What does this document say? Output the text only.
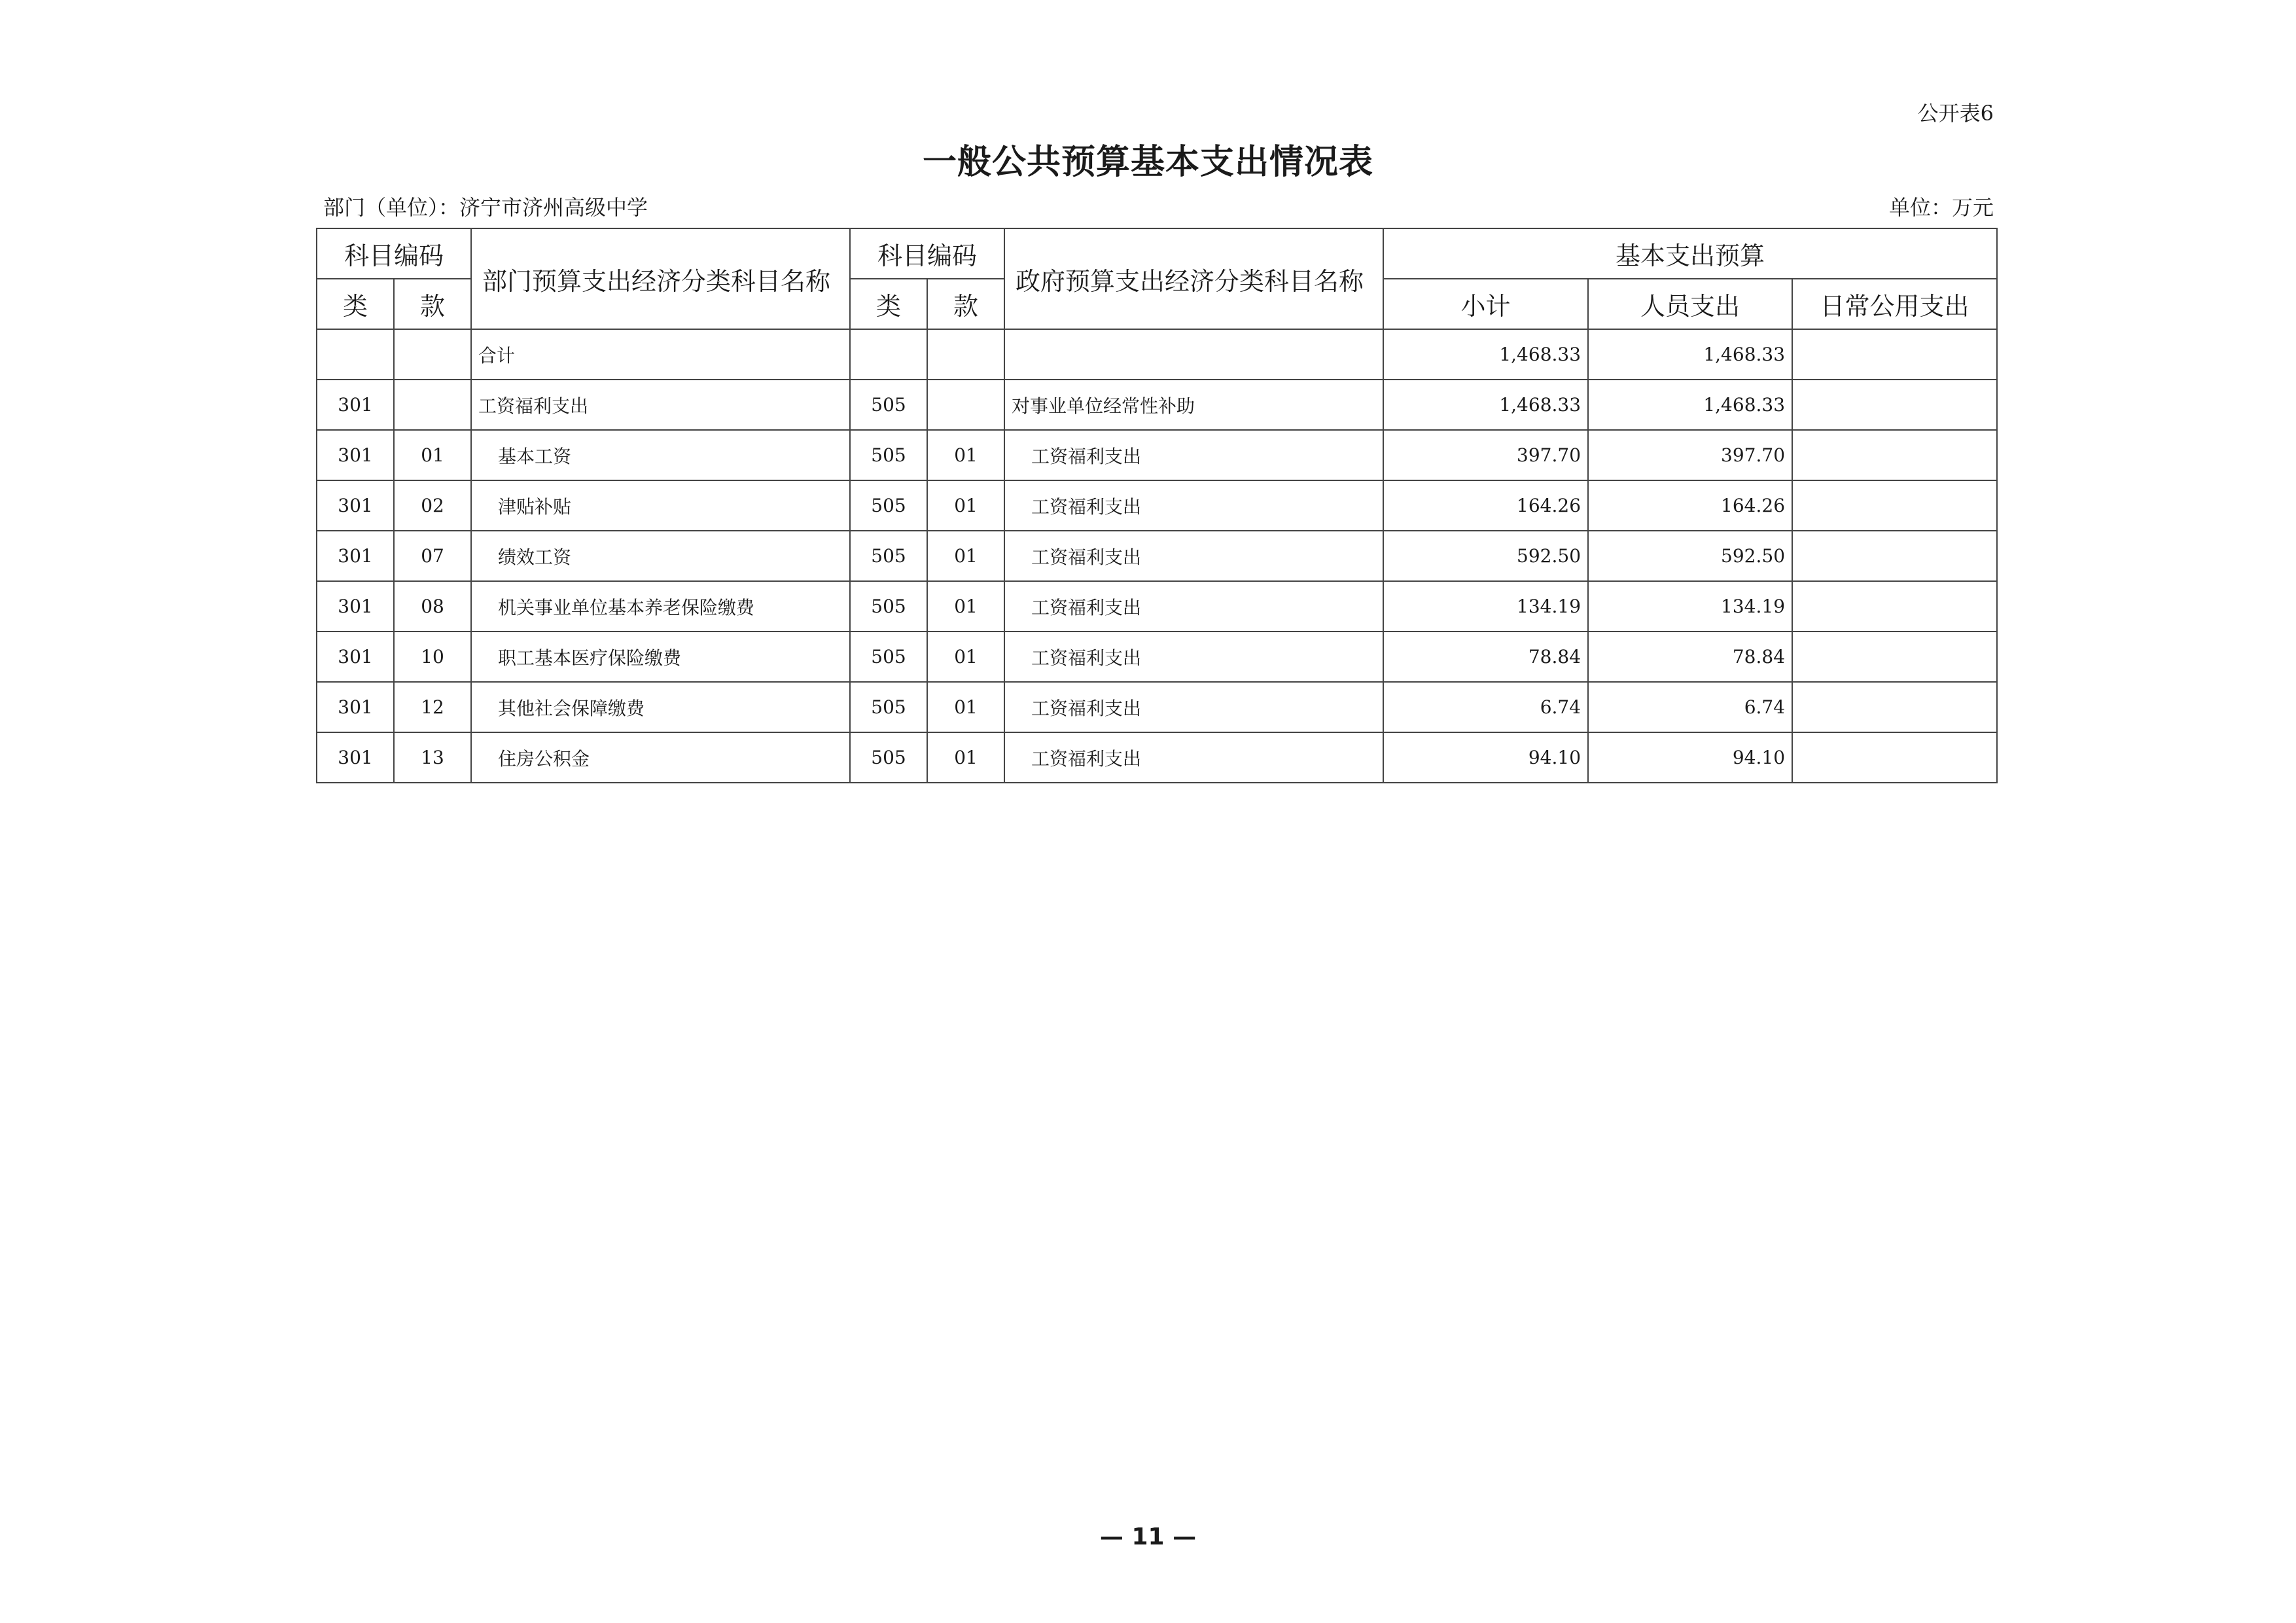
公开表6
一般公共预算基本支出情况表
部门（单位）：济宁市济州高级中学	单位：万元
科目编码		部门预算支出经济分类科目名称	科目编码		政府预算支出经济分类科目名称	基本支出预算		
类	款		类	款		小计	人员支出	日常公用支出
		合计				1,468.33	1,468.33	
301		工资福利支出	505		对事业单位经常性补助	1,468.33	1,468.33	
301	01	基本工资	505	01	工资福利支出	397.70	397.70	
301	02	津贴补贴	505	01	工资福利支出	164.26	164.26	
301	07	绩效工资	505	01	工资福利支出	592.50	592.50	
301	08	机关事业单位基本养老保险缴费	505	01	工资福利支出	134.19	134.19	
301	10	职工基本医疗保险缴费	505	01	工资福利支出	78.84	78.84	
301	12	其他社会保障缴费	505	01	工资福利支出	6.74	6.74	
301	13	住房公积金	505	01	工资福利支出	94.10	94.10	
— 11 —
